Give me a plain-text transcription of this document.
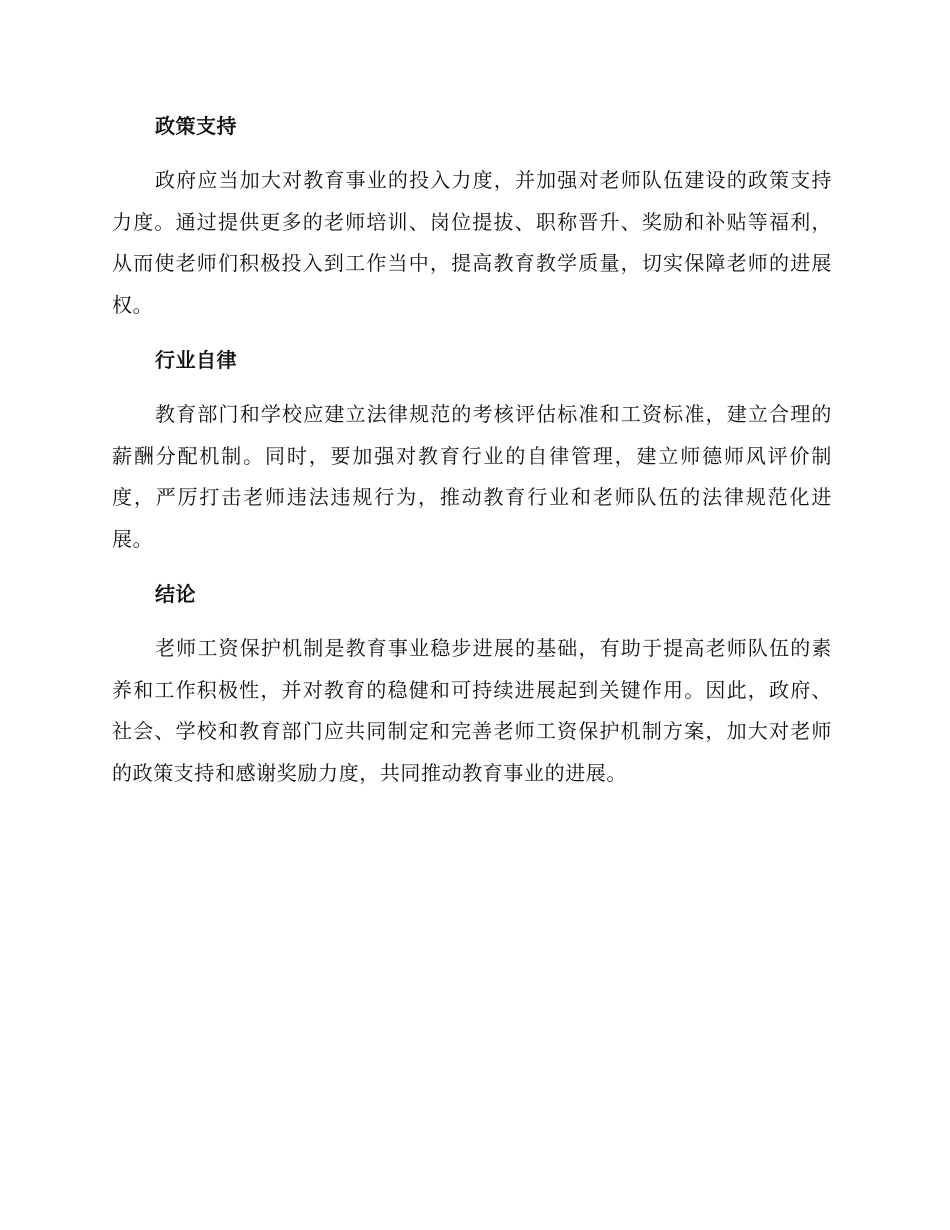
政策支持

政府应当加大对教育事业的投入力度，并加强对老师队伍建设的政策支持力度。通过提供更多的老师培训、岗位提拔、职称晋升、奖励和补贴等福利，从而使老师们积极投入到工作当中，提高教育教学质量，切实保障老师的进展权。

行业自律

教育部门和学校应建立法律规范的考核评估标准和工资标准，建立合理的薪酬分配机制。同时，要加强对教育行业的自律管理，建立师德师风评价制度，严厉打击老师违法违规行为，推动教育行业和老师队伍的法律规范化进展。

结论

老师工资保护机制是教育事业稳步进展的基础，有助于提高老师队伍的素养和工作积极性，并对教育的稳健和可持续进展起到关键作用。因此，政府、社会、学校和教育部门应共同制定和完善老师工资保护机制方案，加大对老师的政策支持和感谢奖励力度，共同推动教育事业的进展。
